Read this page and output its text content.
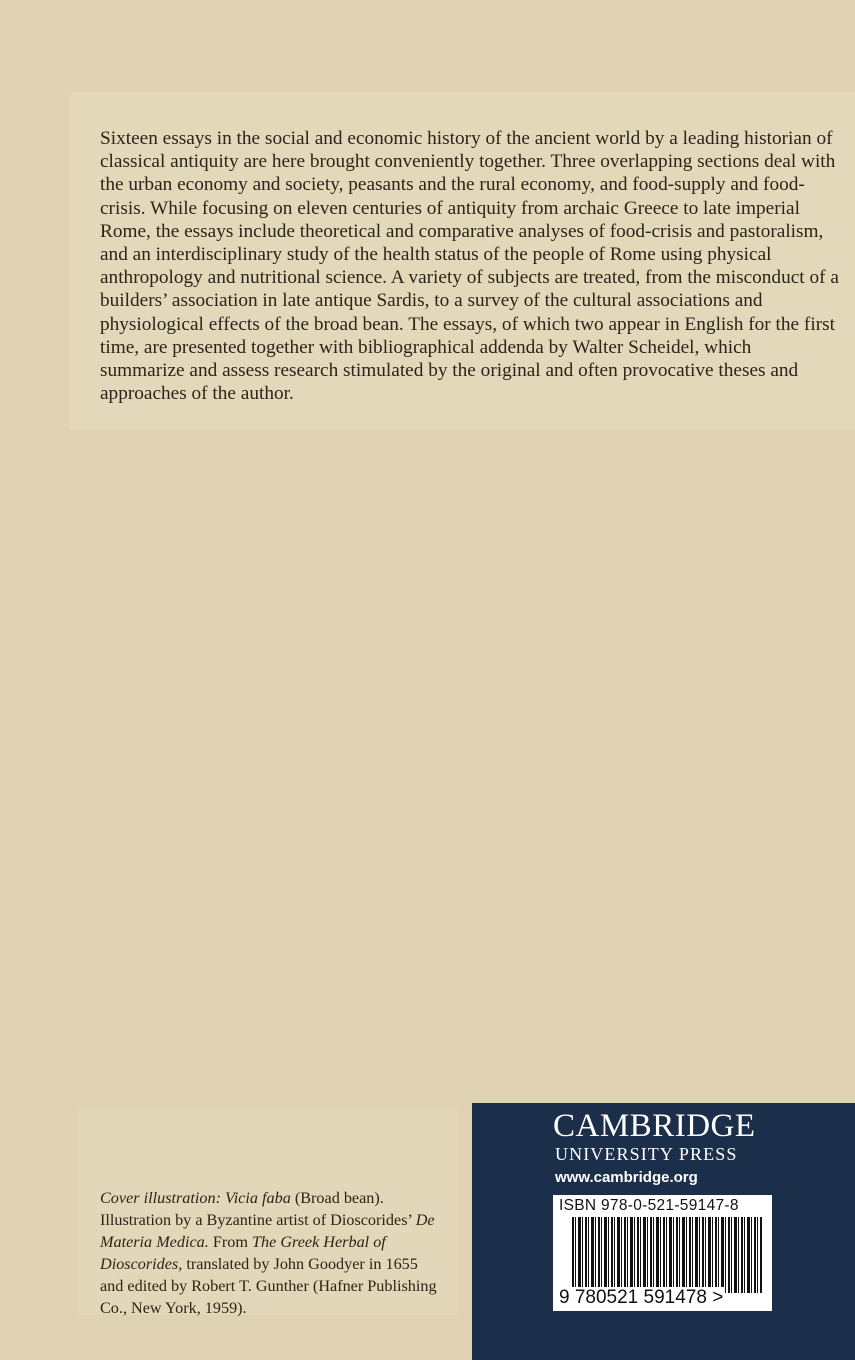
Sixteen essays in the social and economic history of the ancient world by a leading historian of classical antiquity are here brought conveniently together. Three overlapping sections deal with the urban economy and society, peasants and the rural economy, and food-supply and food-crisis. While focusing on eleven centuries of antiquity from archaic Greece to late imperial Rome, the essays include theoretical and comparative analyses of food-crisis and pastoralism, and an interdisciplinary study of the health status of the people of Rome using physical anthropology and nutritional science. A variety of subjects are treated, from the misconduct of a builders’ association in late antique Sardis, to a survey of the cultural associations and physiological effects of the broad bean. The essays, of which two appear in English for the first time, are presented together with bibliographical addenda by Walter Scheidel, which summarize and assess research stimulated by the original and often provocative theses and approaches of the author.

Cover illustration: Vicia faba (Broad bean). Illustration by a Byzantine artist of Dioscorides’ De Materia Medica. From The Greek Herbal of Dioscorides, translated by John Goodyer in 1655 and edited by Robert T. Gunther (Hafner Publishing Co., New York, 1959).

CAMBRIDGE
UNIVERSITY PRESS
www.cambridge.org
ISBN 978-0-521-59147-8
9 780521 591478 >
